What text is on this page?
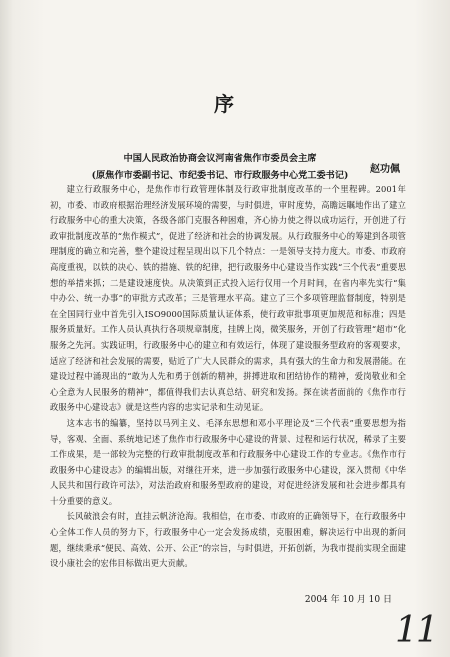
序
中国人民政治协商会议河南省焦作市委员会主席
(原焦作市委副书记、市纪委书记、市行政服务中心党工委书记)
赵功佩

建立行政服务中心，是焦作市行政管理体制及行政审批制度改革的一个里程碑。2001年初，市委、市政府根据治理经济发展环境的需要，与时俱进，审时度势，高瞻远瞩地作出了建立行政服务中心的重大决策，各级各部门克服各种困难，齐心协力使之得以成功运行，开创进了行政审批制度改革的“焦作模式”，促进了经济和社会的协调发展。从行政服务中心的筹建到各项管理制度的确立和完善，整个建设过程呈现出以下几个特点：一是领导支持力度大。市委、市政府高度重视，以铁的决心、铁的措施、铁的纪律，把行政服务中心建设当作实践“三个代表”重要思想的举措来抓；二是建设速度快。从决策到正式投入运行仅用一个月时间，在省内率先实行“集中办公、统一办事”的审批方式改革；三是管理水平高。建立了三个多项管理监督制度，特别是在全国同行业中首先引入ISO9000国际质量认证体系，使行政审批事项更加规范和标准；四是服务质量好。工作人员认真执行各项规章制度，挂牌上岗，微笑服务，开创了行政管理“超市”化服务之先河。实践证明，行政服务中心的建立和有效运行，体现了建设服务型政府的客观要求，适应了经济和社会发展的需要，贴近了广大人民群众的需求，具有强大的生命力和发展潜能。在建设过程中涌现出的“敢为人先和勇于创新的精神，拼搏进取和团结协作的精神，爱岗敬业和全心全意为人民服务的精神”，都值得我们去认真总结、研究和发扬。探在读者面前的《焦作市行政服务中心建设志》就是这些内容的忠实记录和生动见证。

这本志书的编纂，坚持以马列主义、毛泽东思想和邓小平理论及“三个代表”重要思想为指导，客观、全面、系统地记述了焦作市行政服务中心建设的背景、过程和运行状况，稀录了主要工作成果，是一部较为完整的行政审批制度改革和行政服务中心建设工作的专业志。《焦作市行政服务中心建设志》的编辑出版，对继往开来，进一步加强行政服务中心建设，深入贯彻《中华人民共和国行政许可法》，对法治政府和服务型政府的建设，对促进经济发展和社会进步都具有十分重要的意义。

长风破浪会有时，直挂云帆济沧海。我相信，在市委、市政府的正确领导下，在行政服务中心全体工作人员的努力下，行政服务中心一定会发扬成绩，克服困难，解决运行中出现的新问题，继续秉承“便民、高效、公开、公正”的宗旨，与时俱进，开拓创新，为我市提前实现全面建设小康社会的宏伟目标做出更大贡献。

2004 年 10 月 10 日
11
